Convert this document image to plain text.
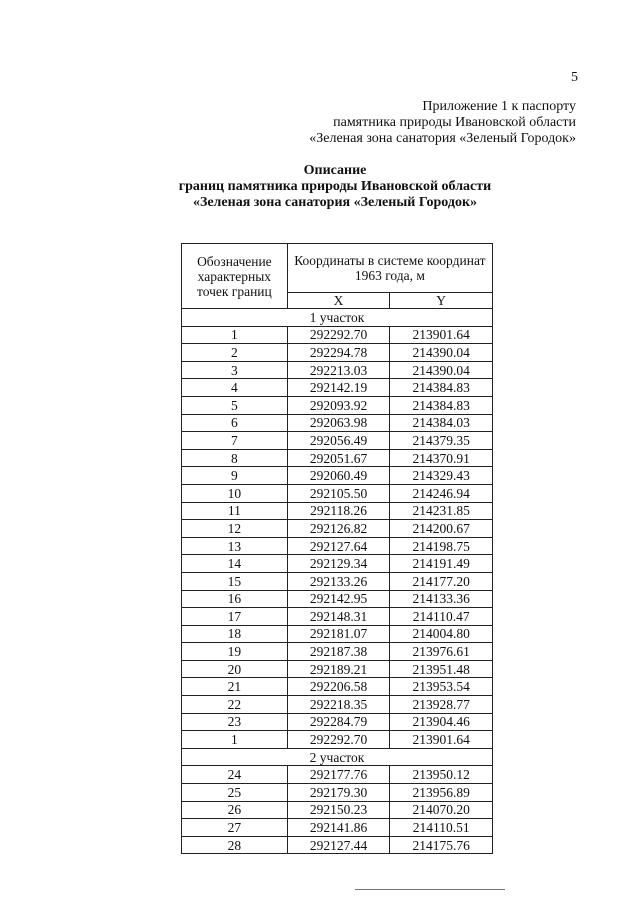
5
Приложение 1 к паспорту
памятника природы Ивановской области
«Зеленая зона санатория «Зеленый Городок»
Описание
границ памятника природы Ивановской области
«Зеленая зона санатория «Зеленый Городок»
Обозначение характерных точек границ	Координаты в системе координат 1963 года, м	
	X	Y
1 участок		
1	292292.70	213901.64
2	292294.78	214390.04
3	292213.03	214390.04
4	292142.19	214384.83
5	292093.92	214384.83
6	292063.98	214384.03
7	292056.49	214379.35
8	292051.67	214370.91
9	292060.49	214329.43
10	292105.50	214246.94
11	292118.26	214231.85
12	292126.82	214200.67
13	292127.64	214198.75
14	292129.34	214191.49
15	292133.26	214177.20
16	292142.95	214133.36
17	292148.31	214110.47
18	292181.07	214004.80
19	292187.38	213976.61
20	292189.21	213951.48
21	292206.58	213953.54
22	292218.35	213928.77
23	292284.79	213904.46
1	292292.70	213901.64
2 участок		
24	292177.76	213950.12
25	292179.30	213956.89
26	292150.23	214070.20
27	292141.86	214110.51
28	292127.44	214175.76
